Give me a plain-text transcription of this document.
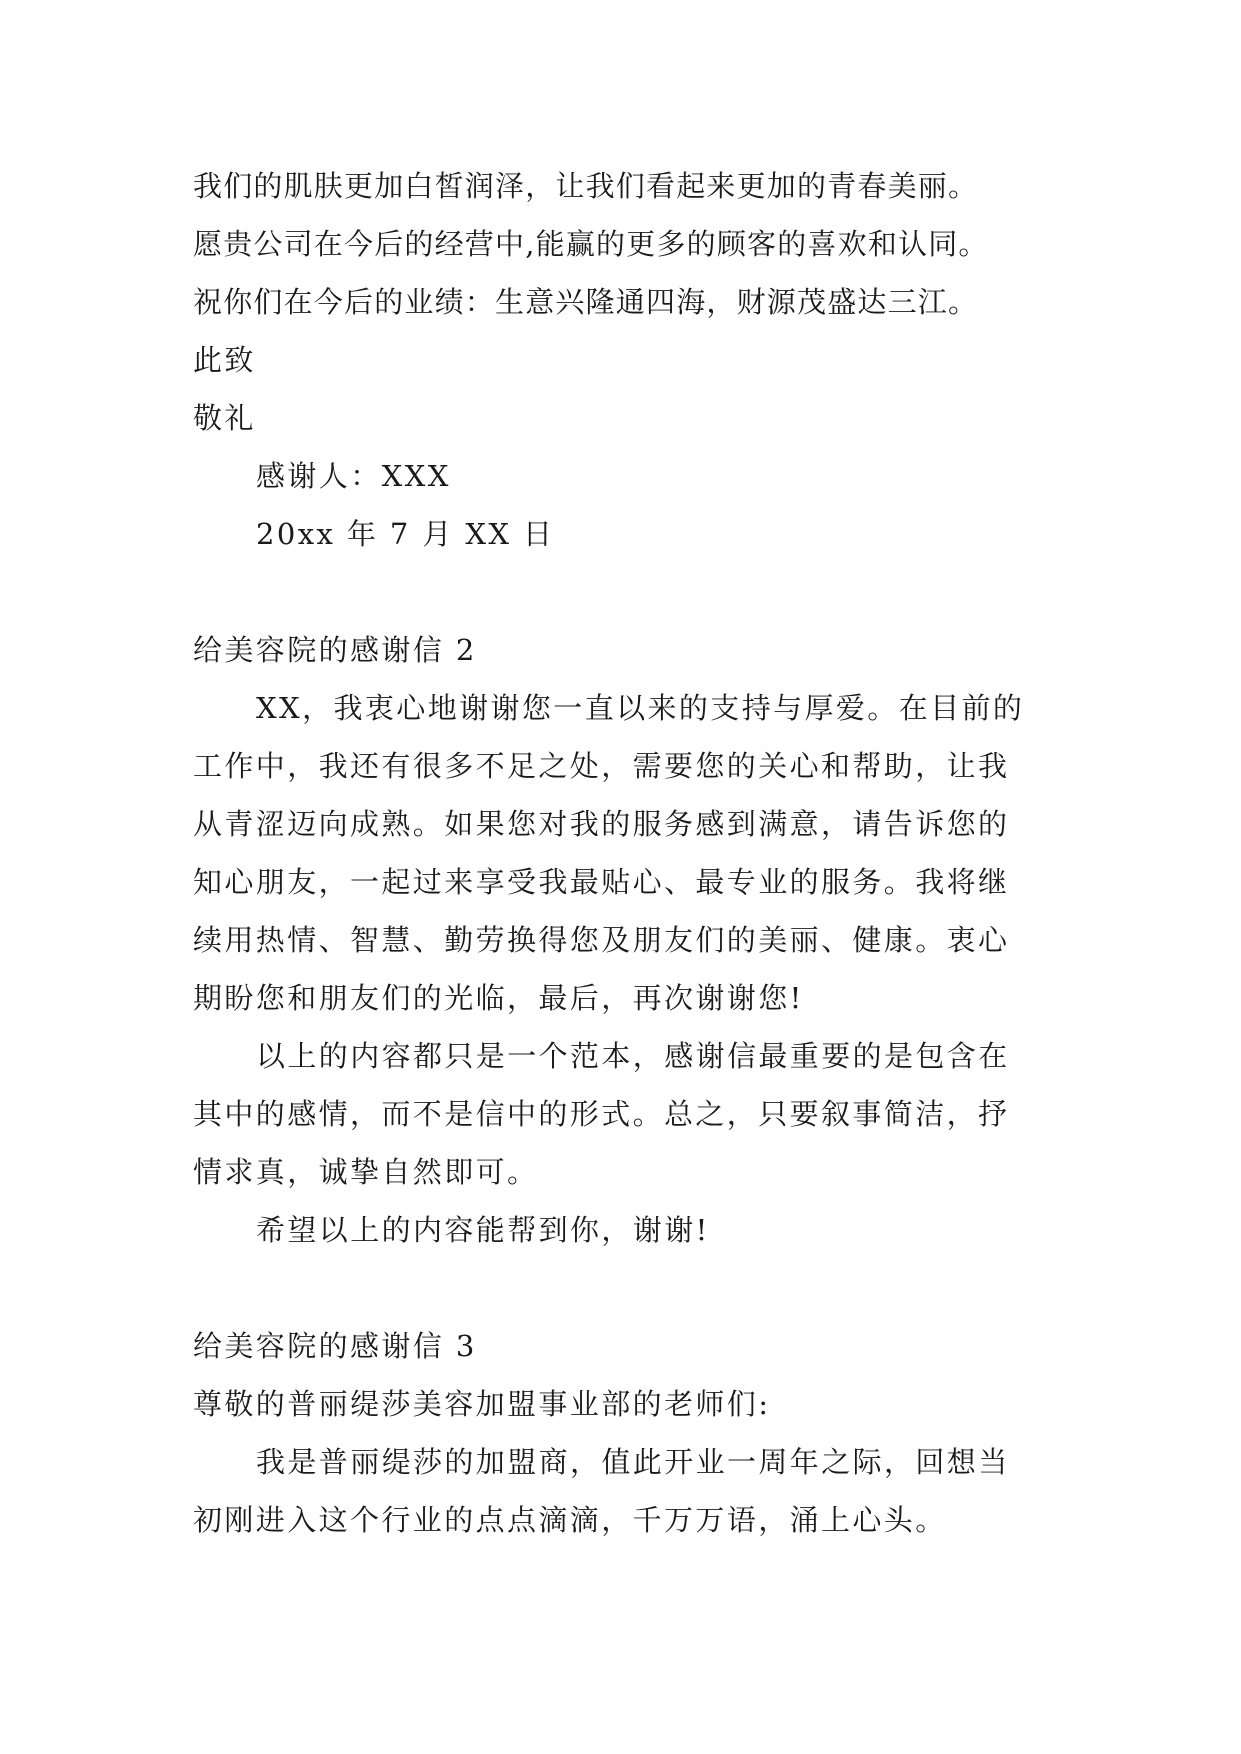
我们的肌肤更加白皙润泽，让我们看起来更加的青春美丽。
愿贵公司在今后的经营中,能赢的更多的顾客的喜欢和认同。
祝你们在今后的业绩：生意兴隆通四海，财源茂盛达三江。
此致
敬礼
感谢人：XXX
20xx 年 7 月 XX 日
给美容院的感谢信 2
XX，我衷心地谢谢您一直以来的支持与厚爱。在目前的
工作中，我还有很多不足之处，需要您的关心和帮助，让我
从青涩迈向成熟。如果您对我的服务感到满意，请告诉您的
知心朋友，一起过来享受我最贴心、最专业的服务。我将继
续用热情、智慧、勤劳换得您及朋友们的美丽、健康。衷心
期盼您和朋友们的光临，最后，再次谢谢您!
以上的内容都只是一个范本，感谢信最重要的是包含在
其中的感情，而不是信中的形式。总之，只要叙事简洁，抒
情求真，诚挚自然即可。
希望以上的内容能帮到你，谢谢!
给美容院的感谢信 3
尊敬的普丽缇莎美容加盟事业部的老师们:
我是普丽缇莎的加盟商，值此开业一周年之际，回想当
初刚进入这个行业的点点滴滴，千万万语，涌上心头。
